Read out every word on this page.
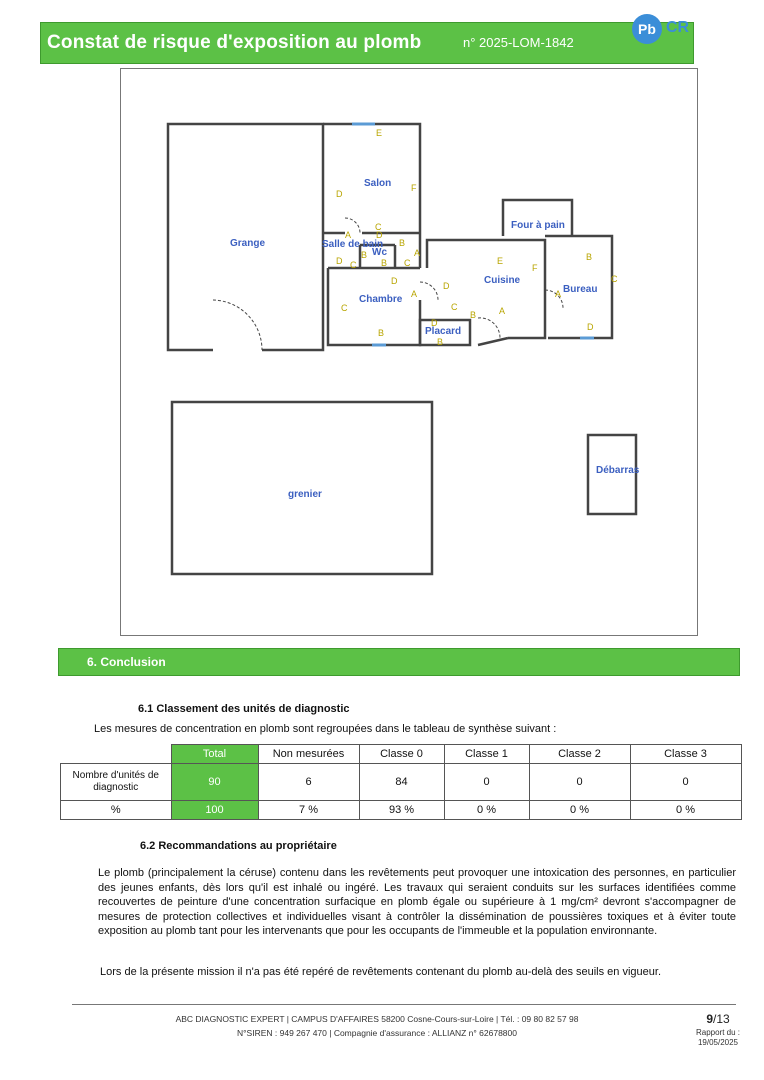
Constat de risque d'exposition au plomb	n° 2025-LOM-1842
Pb CR
Grange
Salon
Salle de bain
Wc
Chambre
Placard
Cuisine
Four à pain
Bureau
grenier
Débarras
E
D
F
C
A	D
B
A
D C
B
B C
D
C
B
A
D
E
F
C	A
B
D
B
A
B
C
D
6. Conclusion
6.1 Classement des unités de diagnostic
Les mesures de concentration en plomb sont regroupées dans le tableau de synthèse suivant :
	Total	Non mesurées	Classe 0	Classe 1	Classe 2	Classe 3
Nombre d'unités de diagnostic	90	6	84	0	0	0
%	100	7 %	93 %	0 %	0 %	0 %
6.2 Recommandations au propriétaire
Le plomb (principalement la céruse) contenu dans les revêtements peut provoquer une intoxication des personnes, en particulier des jeunes enfants, dès lors qu'il est inhalé ou ingéré. Les travaux qui seraient conduits sur les surfaces identifiées comme recouvertes de peinture d'une concentration surfacique en plomb égale ou supérieure à 1 mg/cm² devront s'accompagner de mesures de protection collectives et individuelles visant à contrôler la dissémination de poussières toxiques et à éviter toute exposition au plomb tant pour les intervenants que pour les occupants de l'immeuble et la population environnante.
Lors de la présente mission il n'a pas été repéré de revêtements contenant du plomb au-delà des seuils en vigueur.
ABC DIAGNOSTIC EXPERT | CAMPUS D'AFFAIRES 58200 Cosne-Cours-sur-Loire | Tél. : 09 80 82 57 98
N°SIREN : 949 267 470 | Compagnie d'assurance : ALLIANZ n° 62678800
9/13
Rapport du :
19/05/2025
